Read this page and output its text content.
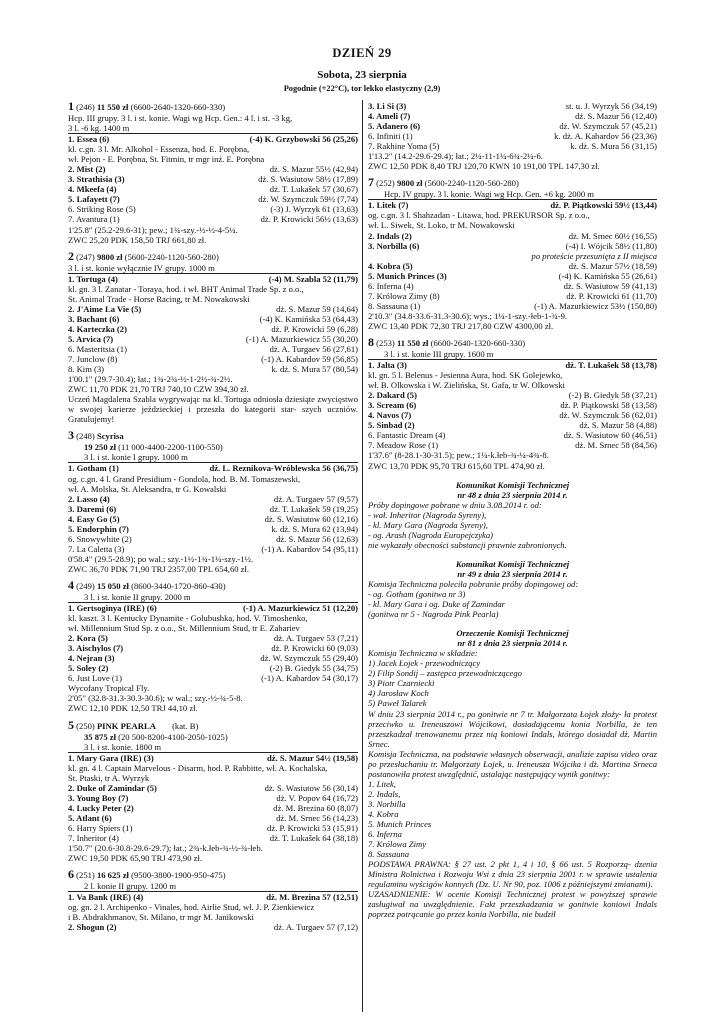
DZIEŃ 29
Sobota, 23 sierpnia
Pogodnie (+22°C), tor lekko elastyczny (2,9)
1 (246) 11 550 zł (6600-2640-1320-660-330)
Hcp. III grupy. 3 l. i st. konie. Wagi wg Hcp. Gen.: 4 l. i st. -3 kg,
3 l. -6 kg. 1400 m
1. Essea (6)	(-4) K. Grzybowski 56 (25,26)
kl. c.gn. 3 l. Mr. Alkohol - Essenza, hod. E. Porębna,
wł. Pejon - E. Porębna, St. Fitmin, tr mgr inż. E. Porębna
2. Mist (2)	dż. S. Mazur 55½ (42,94)
3. Strathisia (3)	dż. S. Wasiutow 58½ (17,89)
4. Mkeefa (4)	dż. T. Lukašek 57 (30,67)
5. Lafayett (7)	dż. W. Szymczuk 59½ (7,74)
6. Striking Rose (5)	(-3) J. Wyrzyk 61 (13,63)
7. Avantura (1)	dż. P. Krowicki 56½ (13,63)
1'25.8" (25.2-29.6-31); pew.; 1¾-szy.-½-½-4-5¼.
ZWC 25,20 PDK 158,50 TRJ 661,80 zł.
2 (247) 9800 zł (5600-2240-1120-560-280)
3 l. i st. konie wyłącznie IV grupy. 1000 m
1. Tortuga (4)	(-4) M. Szabla 52 (11,79)
kl. gn. 3 l. Zanatar - Toraya, hod. i wł. BHT Animal Trade Sp. z o.o.,
St. Animal Trade - Horse Racing, tr M. Nowakowski
2. J'Aime La Vie (5)	dż. S. Mazur 59 (14,64)
3. Bachant (6)	(-4) K. Kamińska 53 (64,43)
4. Karteczka (2)	dż. P. Krowicki 59 (6,28)
5. Arvica (7)	(-1) A. Mazurkiewicz 55 (30,20)
6. Masteritsia (1)	dż. A. Turgaev 56 (27,61)
7. Junclow (8)	(-1) A. Kabardov 59 (56,85)
8. Kim (3)	k. dż. S. Mura 57 (80,54)
1'00.1" (29.7-30.4); łat.; 1¾-2¾-½-1-2½-¾-2½.
ZWC 11,70 PDK 21,70 TRJ 740,10 CZW 394,30 zł.
Uczeń Magdalena Szabla wygrywając na kl. Tortuga odniosła dziesiąte zwycięstwo w swojej karierze jeździeckiej i przeszła do kategorii star- szych uczniów. Gratulujemy!
3 (248) Scyrisa
19 250 zł (11 000-4400-2200-1100-550)
3 l. i st. konie I grupy. 1000 m
1. Gotham (1)	dż. L. Reznikova-Wróblewska 56 (36,75)
og. c.gn. 4 l. Grand Presidium - Gondola, hod. B. M. Tomaszewski,
wł. A. Molska, St. Aleksandra, tr G. Kowalski
2. Lasso (4)	dż. A. Turgaev 57 (9,57)
3. Daremi (6)	dż. T. Lukašek 59 (19,25)
4. Easy Go (5)	dż. S. Wasiutow 60 (12,16)
5. Endorphin (7)	k. dż. S. Mura 62 (13,94)
6. Snowywhite (2)	dż. S. Mazur 56 (12,63)
7. La Caletta (3)	(-1) A. Kabardov 54 (95,11)
0'58.4" (29.5-28.9); po wal.; szy.-1½-1¾-1¼-szy.-1½.
ZWC 36,70 PDK 71,90 TRJ 2357,00 TPL 654,60 zł.
4 (249) 15 050 zł (8600-3440-1720-860-430)
3 l. i st. konie II grupy. 2000 m
1. Gertsoginya (IRE) (6)	(-1) A. Mazurkiewicz 51 (12,20)
kl. kaszt. 3 l. Kentucky Dynamite - Golubushka, hod. V. Timoshenko,
wł. Millennium Stud Sp. z o.o., St. Millennium Stud, tr E. Zahariev
2. Kora (5)	dż. A. Turgaev 53 (7,21)
3. Aischylos (7)	dż. P. Krowicki 60 (9,03)
4. Nejran (3)	dż. W. Szymczuk 55 (29,40)
5. Soley (2)	(-2) B. Giedyk 55 (34,75)
6. Just Love (1)	(-1) A. Kabardov 54 (30,17)
Wycofany Tropical Fly.
2'05" (32.8-31.3-30.3-30.6); w wal.; szy.-½-¾-5-8.
ZWC 12,10 PDK 12,50 TRJ 44,10 zł.
5 (250) PINK PEARLA (kat. B)
35 875 zł (20 500-8200-4100-2050-1025)
3 l. i st. konie. 1800 m
1. Mary Gara (IRE) (3)	dż. S. Mazur 54½ (19,58)
kl. gn. 4 l. Captain Marvelous - Disarm, hod. P. Rabbitte, wł. A. Kochalska,
St. Ptaski, tr A. Wyrzyk
2. Duke of Zamindar (5)	dż. S. Wasiutow 56 (30,14)
3. Young Boy (7)	dż. V. Popov 64 (16,72)
4. Lucky Peter (2)	dż. M. Brezina 60 (8,07)
5. Atlant (6)	dż. M. Srnec 56 (14,23)
6. Harry Spiers (1)	dż. P. Krowicki 53 (15,91)
7. Inheritor (4)	dż. T. Lukašek 64 (38,18)
1'50.7" (20.6-30.8-29.6-29.7); łat.; 2¾-k.łeb-¾-½-¾-łeb.
ZWC 19,50 PDK 65,90 TRJ 473,90 zł.
6 (251) 16 625 zł (9500-3800-1900-950-475)
2 l. konie II grupy. 1200 m
1. Va Bank (IRE) (4)	dż. M. Brezina 57 (12,51)
og. gn. 2 l. Archipenko - Vinales, hod. Airlie Stud, wł. J. P. Zienkiewicz
i B. Abdrakhmanov, St. Milano, tr mgr M. Janikowski
2. Shogun (2)	dż. A. Turgaev 57 (7,12)
3. Li Si (3)	st. u. J. Wyrzyk 56 (34,19)
4. Ameli (7)	dż. S. Mazur 56 (12,40)
5. Adanero (6)	dż. W. Szymczuk 57 (45,21)
6. Infiniti (1)	k. dż. A. Kabardov 56 (23,36)
7. Rakhine Yoma (5)	k. dż. S. Mura 56 (31,15)
1'13.2" (14.2-29.6-29.4); łat.; 2¼-11-1¼-6¾-2¼-6.
ZWC 12,50 PDK 8,40 TRJ 120,70 KWN 10 191,00 TPL 147,30 zł.
7 (252) 9800 zł (5600-2240-1120-560-280)
Hcp. IV grupy. 3 l. konie. Wagi wg Hcp. Gen. +6 kg. 2000 m
1. Litek (7)	dż. P. Piątkowski 59½ (13,44)
og. c.gn. 3 l. Shahzadan - Litawa, hod. PREKURSOR Sp. z o.o.,
wł. L. Siwek, St. Loko, tr M. Nowakowski
2. Indals (2)	dż. M. Srnec 60½ (16,55)
3. Norbilla (6)	(-4) I. Wójcik 58½ (11,80)
po proteście przesunięta z II miejsca
4. Kobra (5)	dż. S. Mazur 57½ (18,59)
5. Munich Princes (3)	(-4) K. Kamińska 55 (26,61)
6. Inferna (4)	dż. S. Wasiutow 59 (41,13)
7. Królowa Zimy (8)	dż. P. Krowicki 61 (11,70)
8. Sassauna (1)	(-1) A. Mazurkiewicz 53½ (150,80)
2'10.3" (34.8-33.6-31.3-30.6); wys.; 1¼-1-szy.-łeb-1-¾-9.
ZWC 13,40 PDK 72,30 TRJ 217,80 CZW 4300,00 zł.
8 (253) 11 550 zł (6600-2640-1320-660-330)
3 l. i st. konie III grupy. 1600 m
1. Jalta (3)	dż. T. Lukašek 58 (13,78)
kl. gn. 5 l. Belenus - Jesienna Aura, hod. SK Golejewko,
wł. B. Olkowska i W. Zielińska, St. Gafa, tr W. Olkowski
2. Dakard (5)	(-2) B. Giedyk 58 (37,21)
3. Scream (6)	dż. P. Piątkowski 58 (13,58)
4. Navos (7)	dż. W. Szymczuk 56 (62,01)
5. Sinbad (2)	dż. S. Mazur 58 (4,88)
6. Fantastic Dream (4)	dż. S. Wasiutow 60 (46,51)
7. Meadow Rose (1)	dż. M. Srnec 58 (84,56)
1'37.6" (8-28.1-30-31.5); pew.; 1¼-k.łeb-¾-¼-4¾-8.
ZWC 13,70 PDK 95,70 TRJ 615,60 TPL 474,90 zł.
Komunikat Komisji Technicznej
nr 48 z dnia 23 sierpnia 2014 r.
Próby dopingowe pobrane w dniu 3.08.2014 r. od:
- wał. Inheritor (Nagroda Syreny),
- kl. Mary Gara (Nagroda Syreny),
- og. Arash (Nagroda Europejczyka)
nie wykazały obecności substancji prawnie zabronionych.
Komunikat Komisji Technicznej
nr 49 z dnia 23 sierpnia 2014 r.
Komisja Techniczna poleciła pobranie próby dopingowej od:
- og. Gotham (gonitwa nr 3)
- kl. Mary Gara i og. Duke of Zamindar
(gonitwa nr 5 - Nagroda Pink Pearla)
Orzeczenie Komisji Technicznej
nr 81 z dnia 23 sierpnia 2014 r.
Komisja Techniczna w składzie:
1) Jacek Łojek - przewodniczący
2) Filip Sondij – zastępca przewodniczącego
3) Piotr Czarniecki
4) Jarosław Koch
5) Paweł Talarek
W dniu 23 sierpnia 2014 r., po gonitwie nr 7 tr. Małgorzata Łojek złoży- ła protest przeciwko u. Ireneuszowi Wójcikowi, dosiadającemu konia Norbilla, że ten przeszkadzał trenowanemu przez nią koniowi Indals, którego dosiadał dż. Martin Srnec.
Komisja Techniczna, na podstawie własnych obserwacji, analizie zapisu video oraz po przesłuchaniu tr. Małgorzaty Łojek, u. Ireneusza Wójcika i dż. Martina Srneca postanowiła protest uwzględnić, ustalając następujący wynik gonitwy:
1. Litek,
2. Indals,
3. Norbilla
4. Kobra
5. Munich Princes
6. Inferna
7. Królowa Zimy
8. Sassauna
PODSTAWA PRAWNA: § 27 ust. 2 pkt 1, 4 i 10, § 66 ust. 5 Rozporzą- dzenia Ministra Rolnictwa i Rozwoju Wsi z dnia 23 sierpnia 2001 r. w sprawie ustalenia regulaminu wyścigów konnych (Dz. U. Nr 90, poz. 1006 z późniejszymi zmianami).
UZASADNIENIE: W ocenie Komisji Technicznej protest w powyższej sprawie zasługiwał na uwzględnienie. Fakt przeszkadzania w gonitwie koniowi Indals poprzez potrącanie go przez konia Norbilla, nie budził
